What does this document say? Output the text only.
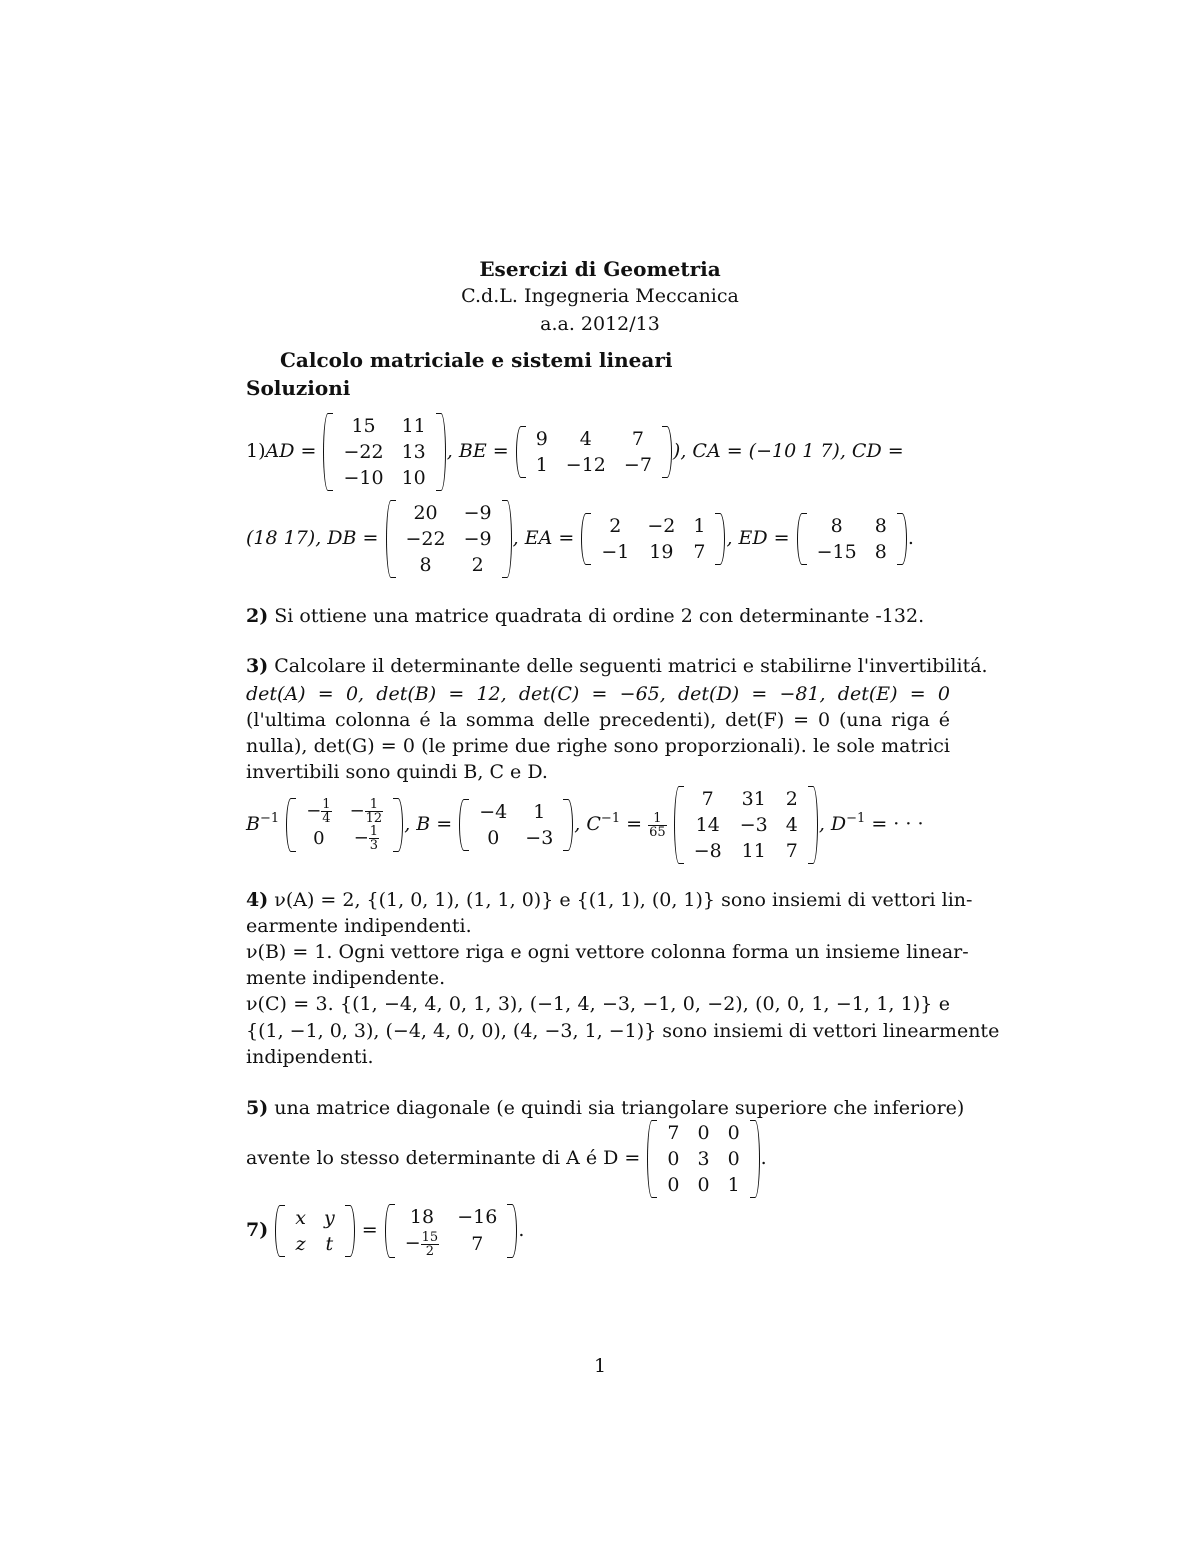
Esercizi di Geometria
C.d.L. Ingegneria Meccanica
a.a. 2012/13
Calcolo matriciale e sistemi lineari
Soluzioni
1)AD =
15	11
−22	13
−10	10
, BE =
9	4	7
1	−12	−7
), CA = (−10 1 7), CD =
(18 17), DB =
20	−9
−22	−9
8	2
, EA =
2	−2	1
−1	19	7
, ED =
8	8
−15	8
.
2) Si ottiene una matrice quadrata di ordine 2 con determinante -132.
3) Calcolare il determinante delle seguenti matrici e stabilirne l'invertibilitá.
det(A) = 0, det(B) = 12, det(C) = −65, det(D) = −81, det(E) = 0
(l'ultima colonna é la somma delle precedenti), det(F) = 0 (una riga é
nulla), det(G) = 0 (le prime due righe sono proporzionali). le sole matrici
invertibili sono quindi B, C e D.
$B^{-1} - \frac{1}{4}$	− $\frac{1}{12}$

0	− $\frac{1}{3}$
, B =
−4	1
0	−3
, $C^{-1} = \frac{1}{65}$

7	31	2
14	−3	4
−8	11	7
, $D^{-1}$ = · · ·
4) ν(A) = 2, {(1, 0, 1), (1, 1, 0)} e {(1, 1), (0, 1)} sono insiemi di vettori lin-
earmente indipendenti.
ν(B) = 1. Ogni vettore riga e ogni vettore colonna forma un insieme linear-
mente indipendente.
ν(C) = 3. {(1, −4, 4, 0, 1, 3), (−1, 4, −3, −1, 0, −2), (0, 0, 1, −1, 1, 1)} e
{(1, −1, 0, 3), (−4, 4, 0, 0), (4, −3, 1, −1)} sono insiemi di vettori linearmente
indipendenti.
5) una matrice diagonale (e quindi sia triangolare superiore che inferiore)
avente lo stesso determinante di A é D =
7	0	0
0	3	0
0	0	1
.
7)
x	y
z	t
=
18	−16
− $\frac{15}{2}$	7
.
1
